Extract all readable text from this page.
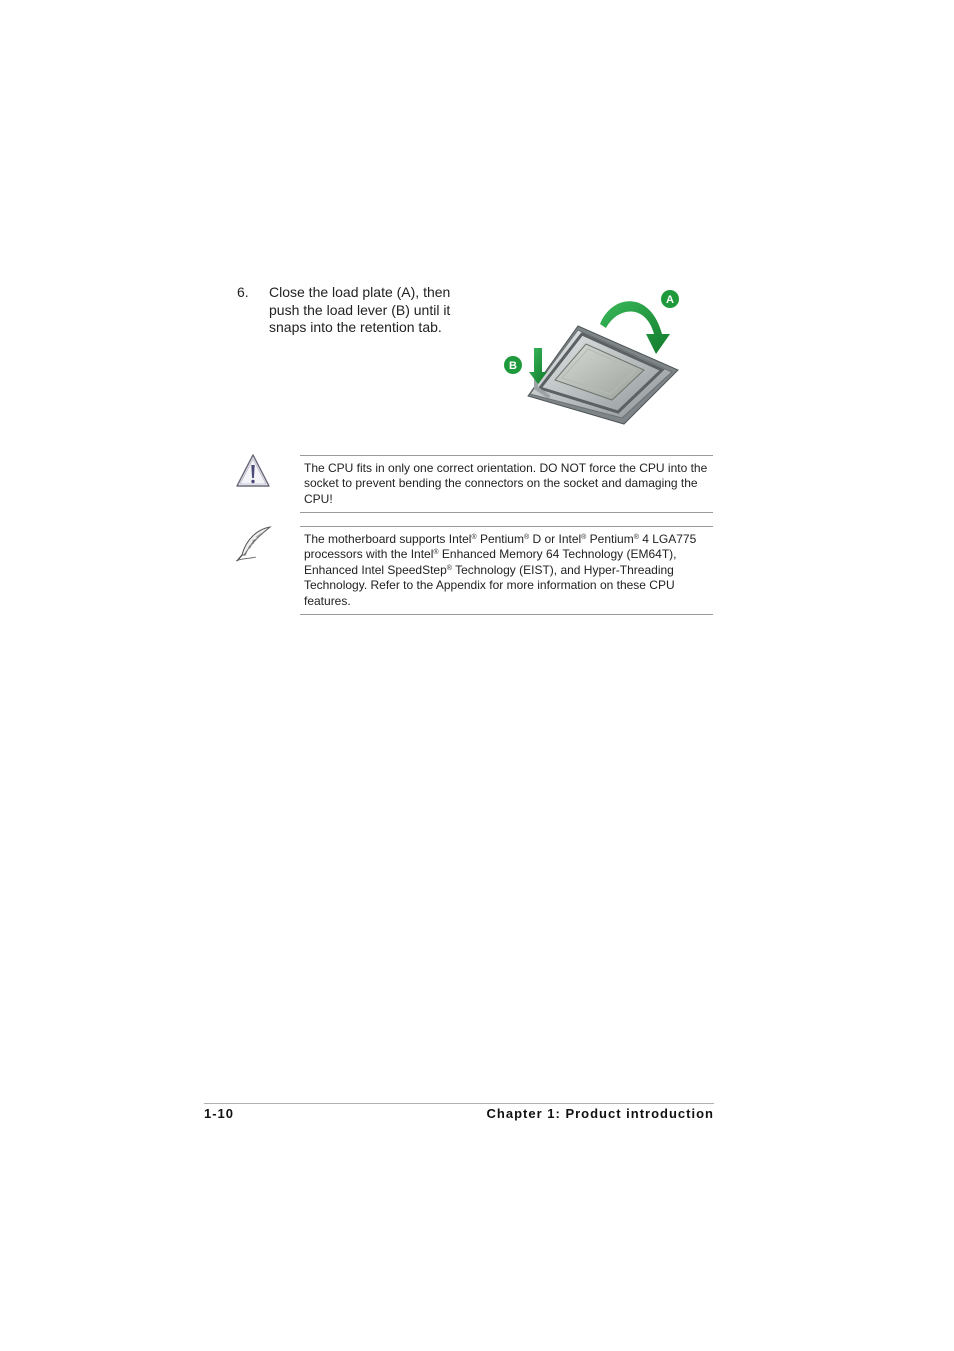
6. Close the load plate (A), then push the load lever (B) until it snaps into the retention tab.
A
B
The CPU fits in only one correct orientation. DO NOT force the CPU into the socket to prevent bending the connectors on the socket and damaging the CPU!
The motherboard supports Intel® Pentium® D or Intel® Pentium® 4 LGA775 processors with the Intel® Enhanced Memory 64 Technology (EM64T), Enhanced Intel SpeedStep® Technology (EIST), and Hyper-Threading Technology. Refer to the Appendix for more information on these CPU features.
1-10	Chapter 1: Product introduction
